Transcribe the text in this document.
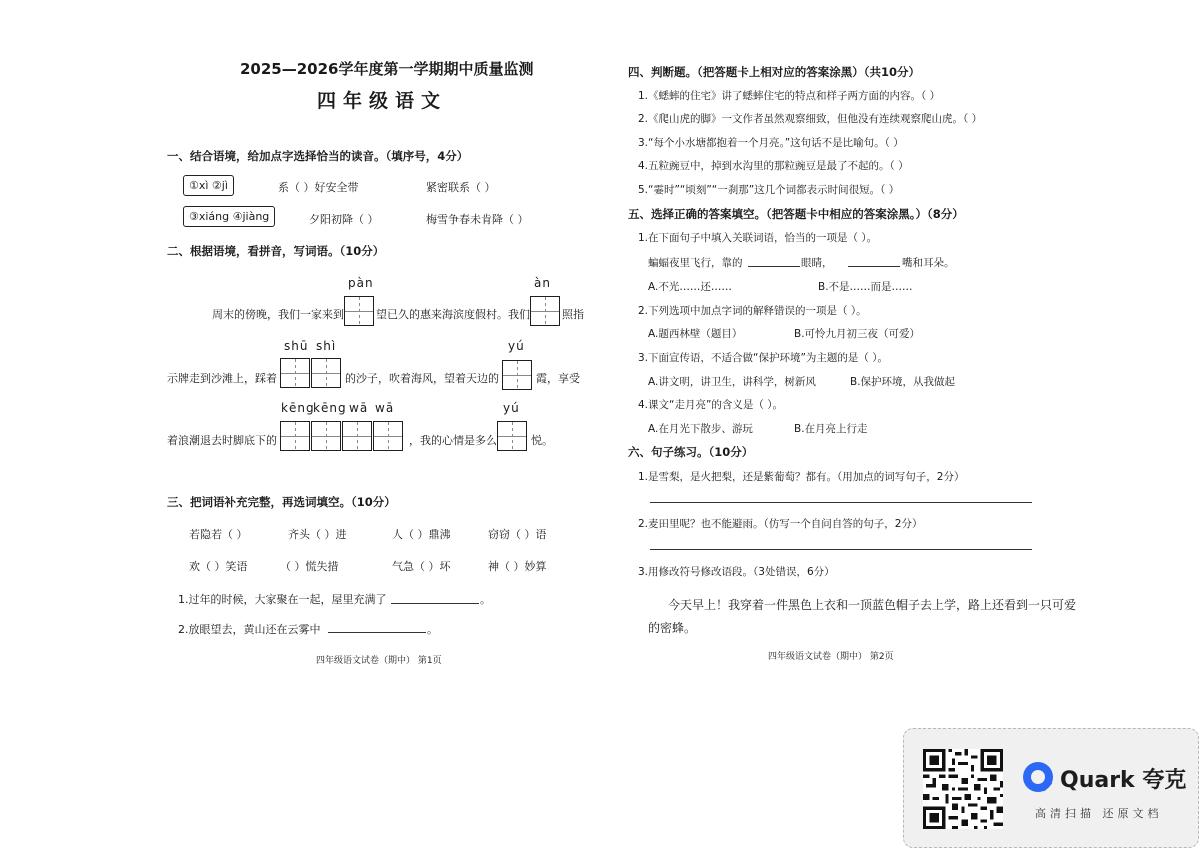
2025—2026学年度第一学期期中质量监测
四年级语文
一、结合语境，给加点字选择恰当的读音。（填序号，4分）
①xì ②jì	系（ ）好安全带	紧密联系（ ）
③xiáng ④jiàng	夕阳初降（ ）	梅雪争春未肯降（ ）
二、根据语境，看拼音，写词语。（10分）
pàn	àn
周末的傍晚，我们一家来到	望已久的惠来海滨度假村。我们	照指
shū shì	yú
示牌走到沙滩上，踩着	的沙子，吹着海风，望着天边的	霞，享受
kēng
kēng wā wā	yú
着浪潮退去时脚底下的	，我的心情是多么	悦。
三、把词语补充完整，再选词填空。（10分）
若隐若（ ）	齐头（ ）进	人（ ）鼎沸	窃窃（ ）语
欢（ ）笑语	（ ）慌失措	气急（ ）坏	神（ ）妙算
1.过年的时候，大家聚在一起，屋里充满了	。
2.放眼望去，黄山还在云雾中	。
四年级语文试卷（期中） 第1页
四、判断题。（把答题卡上相对应的答案涂黑）（共10分）
1.《蟋蟀的住宅》讲了蟋蟀住宅的特点和样子两方面的内容。（ ）
2.《爬山虎的脚》一文作者虽然观察细致，但他没有连续观察爬山虎。（ ）
3.“每个小水塘都抱着一个月亮。”这句话不是比喻句。（ ）
4.五粒豌豆中，掉到水沟里的那粒豌豆是最了不起的。（ ）
5.“霎时”“顷刻”“一刹那”这几个词都表示时间很短。（ ）
五、选择正确的答案填空。（把答题卡中相应的答案涂黑。）（8分）
1.在下面句子中填入关联词语，恰当的一项是（ ）。
蝙蝠夜里飞行，靠的	眼睛，	嘴和耳朵。
A.不光……还……	B.不是……而是……
2.下列选项中加点字词的解释错误的一项是（ ）。
A.题西林壁（题目）	B.可怜九月初三夜（可爱）
3.下面宣传语，不适合做“保护环境”为主题的是（ ）。
A.讲文明，讲卫生，讲科学，树新风	B.保护环境，从我做起
4.课文“走月亮”的含义是（ ）。
A.在月光下散步、游玩	B.在月亮上行走
六、句子练习。（10分）
1.是雪梨，是火把梨，还是紫葡萄？都有。（用加点的词写句子，2分）
2.麦田里呢？也不能避雨。（仿写一个自问自答的句子，2分）
3.用修改符号修改语段。（3处错误，6分）
今天早上！我穿着一件黑色上衣和一顶蓝色帽子去上学，路上还看到一只可爱
的密蜂。
四年级语文试卷（期中） 第2页
Quark 夸克
高清扫描 还原文档
